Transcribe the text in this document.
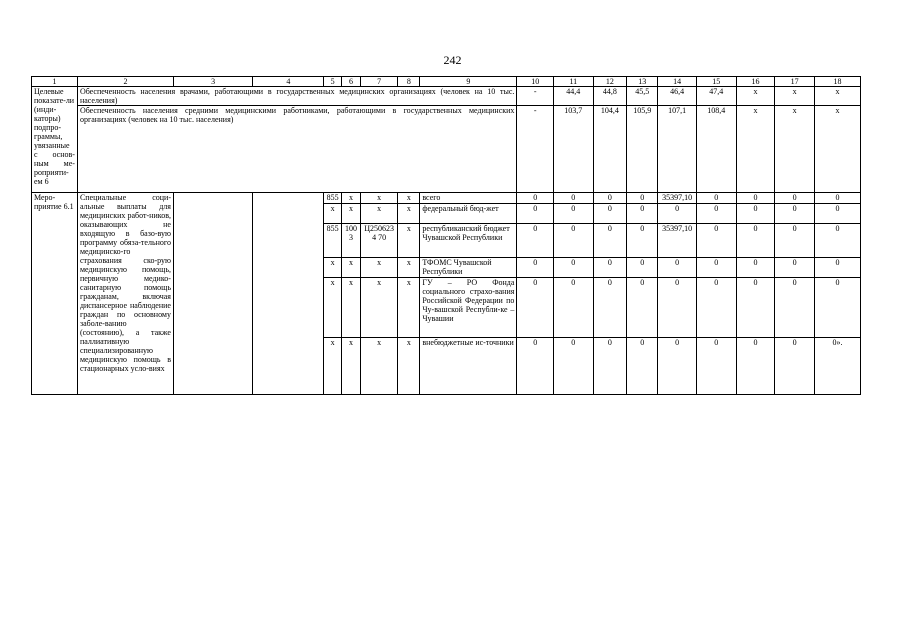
242
1	2	3	4	5	6	7	8	9	10	11	12	13	14	15	16	17	18
Целевые показате-ли (инди-каторы) подпро-граммы, увязанные с основ-ным ме-роприяти-ем 6	Обеспеченность населения врачами, работающими в государственных медицинских организациях (человек на 10 тыс. населения)								-	44,4	44,8	45,5	46,4	47,4	x	x	x
	Обеспеченность населения средними медицинскими работниками, работающими в государственных медицинских организациях (человек на 10 тыс. населения)								-	103,7	104,4	105,9	107,1	108,4	x	x	x
Меро-приятие 6.1	Специальные соци-альные выплаты для медицинских работ-ников, оказывающих не входящую в базо-вую программу обяза-тельного медицинско-го страхования ско-рую медицинскую помощь, первичную медико-санитарную помощь гражданам, включая диспансерное наблюдение граждан по основному заболе-ванию (состоянию), а также паллиативную специализированную медицинскую помощь в стационарных усло-виях			855	x	x	x	всего	0	0	0	0	35397,10	0	0	0	0
				x	x	x	x	федеральный бюд-жет	0	0	0	0	0	0	0	0	0
				855	1003	Ц2506234 70	x	республиканский бюджет Чувашской Республики	0	0	0	0	35397,10	0	0	0	0
				x	x	x	x	ТФОМС Чувашской Республики	0	0	0	0	0	0	0	0	0
				x	x	x	x	ГУ – РО Фонда социального страхо-вания Российской Федерации по Чу-вашской Республи-ке – Чувашии	0	0	0	0	0	0	0	0	0
				x	x	x	x	внебюджетные ис-точники	0	0	0	0	0	0	0	0	0».
